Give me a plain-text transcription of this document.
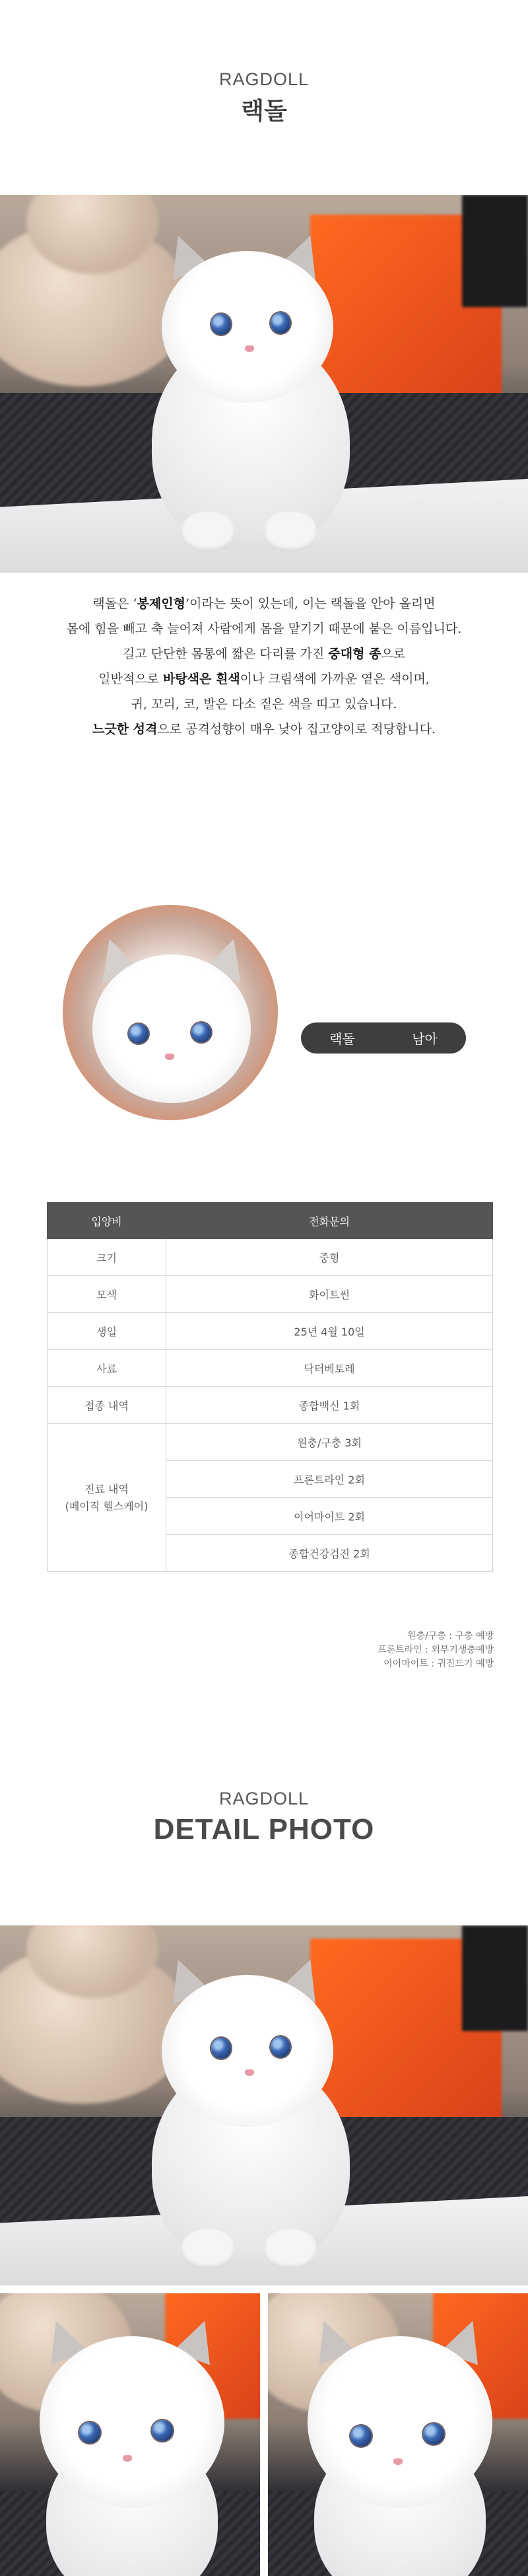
RAGDOLL
랙돌
랙돌은 ‘봉제인형’이라는 뜻이 있는데, 이는 랙돌을 안아 올리면
몸에 힘을 빼고 축 늘어져 사람에게 몸을 맡기기 때문에 붙은 이름입니다.
길고 단단한 몸통에 짧은 다리를 가진 중대형 종으로
일반적으로 바탕색은 흰색이나 크림색에 가까운 옅은 색이며,
귀, 꼬리, 코, 발은 다소 짙은 색을 띠고 있습니다.
느긋한 성격으로 공격성향이 매우 낮아 집고양이로 적당합니다.
랙돌	남아
입양비	전화문의
크기	중형
모색	화이트썬
생일	25년 4월 10일
사료	닥터베토레
접종 내역	종합백신 1회

진료 내역
(베이직 헬스케어)	원충/구충 3회
	프론트라인 2회
	이어마이트 2회
	종합건강검진 2회
원충/구충 : 구충 예방
프론트라인 : 외부기생충예방
이어마이트 : 귀진드기 예방
RAGDOLL
DETAIL PHOTO
